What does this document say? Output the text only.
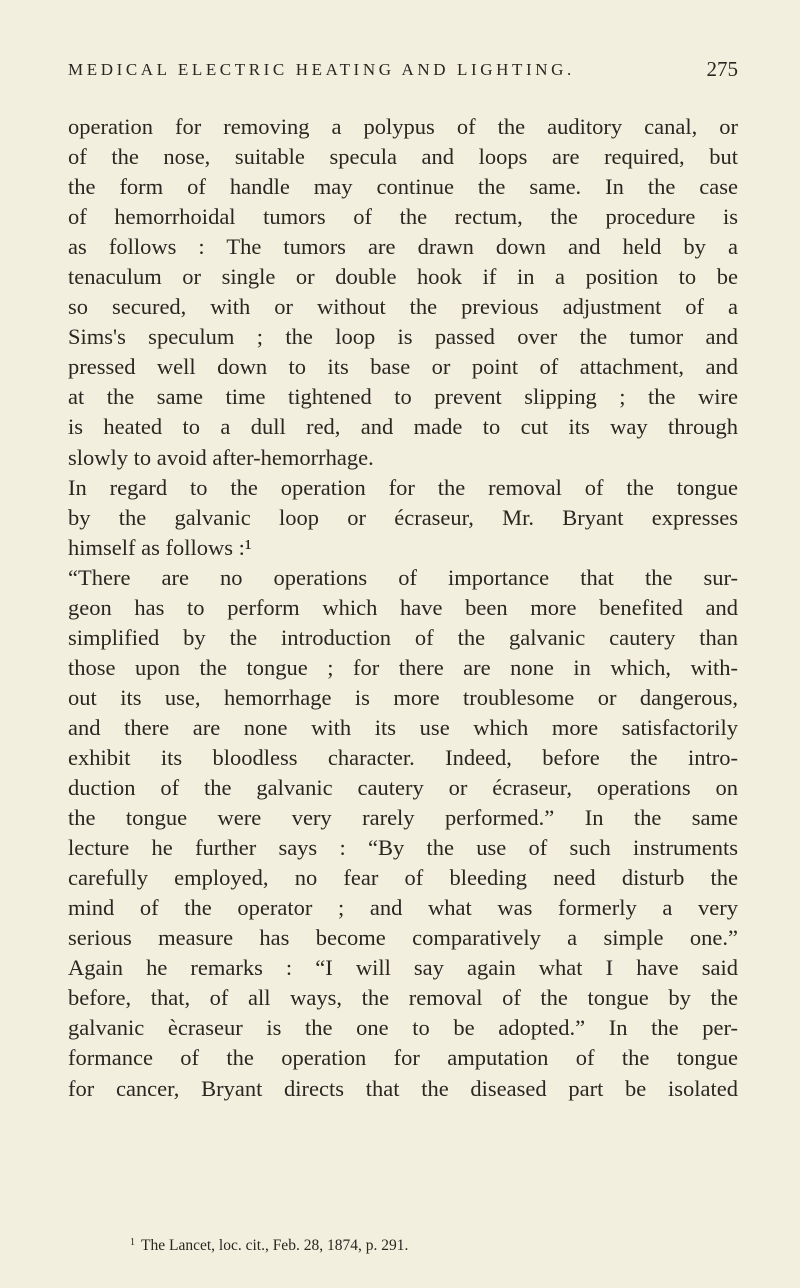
MEDICAL ELECTRIC HEATING AND LIGHTING.	275
operation for removing a polypus of the auditory canal, or
of the nose, suitable specula and loops are required, but
the form of handle may continue the same. In the case
of hemorrhoidal tumors of the rectum, the procedure is
as follows : The tumors are drawn down and held by a
tenaculum or single or double hook if in a position to be
so secured, with or without the previous adjustment of a
Sims's speculum ; the loop is passed over the tumor and
pressed well down to its base or point of attachment, and
at the same time tightened to prevent slipping ; the wire
is heated to a dull red, and made to cut its way through
slowly to avoid after-hemorrhage.
In regard to the operation for the removal of the tongue
by the galvanic loop or écraseur, Mr. Bryant expresses
himself as follows :¹
“There are no operations of importance that the sur-
geon has to perform which have been more benefited and
simplified by the introduction of the galvanic cautery than
those upon the tongue ; for there are none in which, with-
out its use, hemorrhage is more troublesome or dangerous,
and there are none with its use which more satisfactorily
exhibit its bloodless character. Indeed, before the intro-
duction of the galvanic cautery or écraseur, operations on
the tongue were very rarely performed.” In the same
lecture he further says : “By the use of such instruments
carefully employed, no fear of bleeding need disturb the
mind of the operator ; and what was formerly a very
serious measure has become comparatively a simple one.”
Again he remarks : “I will say again what I have said
before, that, of all ways, the removal of the tongue by the
galvanic ècraseur is the one to be adopted.” In the per-
formance of the operation for amputation of the tongue
for cancer, Bryant directs that the diseased part be isolated
$^1$ The Lancet, loc. cit., Feb. 28, 1874, p. 291.
